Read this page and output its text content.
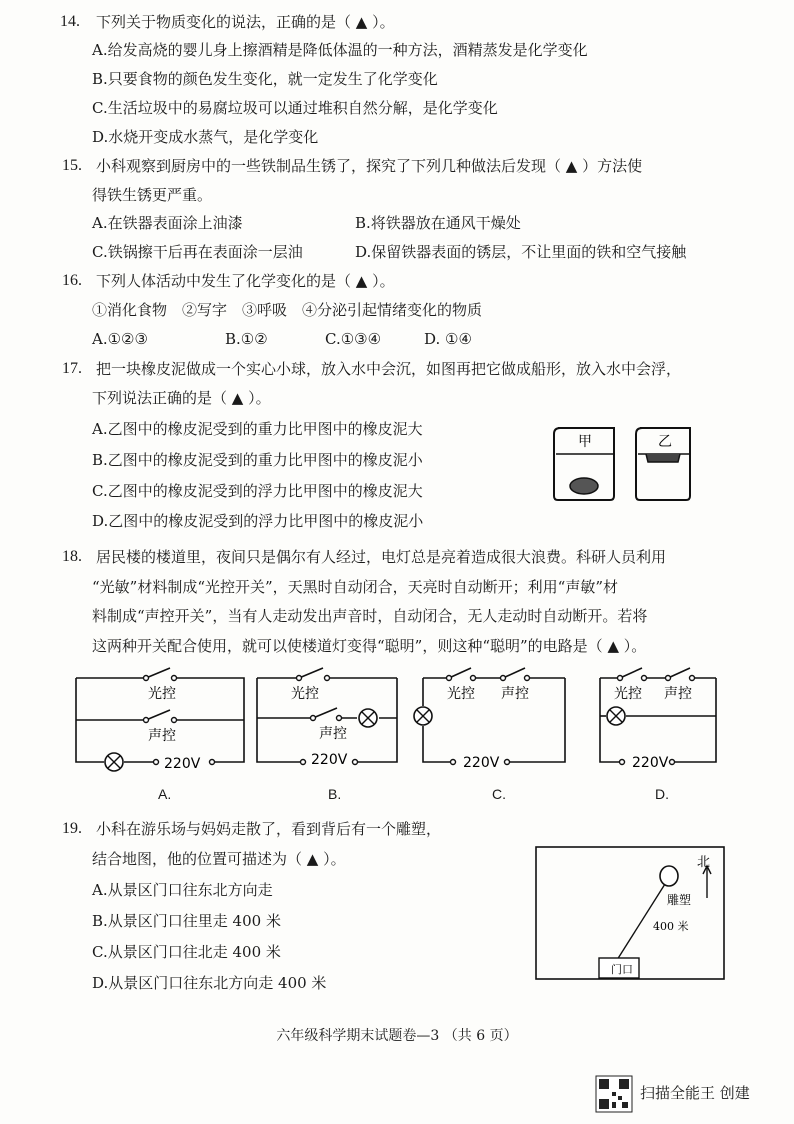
14. 下列关于物质变化的说法，正确的是（ ▲ ）。
A.给发高烧的婴儿身上擦酒精是降低体温的一种方法，酒精蒸发是化学变化
B.只要食物的颜色发生变化，就一定发生了化学变化
C.生活垃圾中的易腐垃圾可以通过堆积自然分解，是化学变化
D.水烧开变成水蒸气，是化学变化
15. 小科观察到厨房中的一些铁制品生锈了，探究了下列几种做法后发现（ ▲ ）方法使
得铁生锈更严重。
A.在铁器表面涂上油漆	B.将铁器放在通风干燥处
C.铁锅擦干后再在表面涂一层油	D.保留铁器表面的锈层，不让里面的铁和空气接触
16. 下列人体活动中发生了化学变化的是（ ▲ ）。
①消化食物　②写字　③呼吸　④分泌引起情绪变化的物质
A.①②③	B.①②	C.①③④	D. ①④
17. 把一块橡皮泥做成一个实心小球，放入水中会沉，如图再把它做成船形，放入水中会浮，
下列说法正确的是（ ▲ ）。
A.乙图中的橡皮泥受到的重力比甲图中的橡皮泥大
B.乙图中的橡皮泥受到的重力比甲图中的橡皮泥小
C.乙图中的橡皮泥受到的浮力比甲图中的橡皮泥大
D.乙图中的橡皮泥受到的浮力比甲图中的橡皮泥小
甲	乙
18. 居民楼的楼道里，夜间只是偶尔有人经过，电灯总是亮着造成很大浪费。科研人员利用
“光敏”材料制成“光控开关”，天黑时自动闭合，天亮时自动断开；利用“声敏”材
料制成“声控开关”，当有人走动发出声音时，自动闭合，无人走动时自动断开。若将
这两种开关配合使用，就可以使楼道灯变得“聪明”，则这种“聪明”的电路是（ ▲ ）。
光控
声控
220V
A.
光控
声控
220V
B.
光控 声控
220V
C.
光控 声控
220V
D.
19. 小科在游乐场与妈妈走散了，看到背后有一个雕塑，
结合地图，他的位置可描述为（ ▲ ）。
A.从景区门口往东北方向走
B.从景区门口往里走 400 米
C.从景区门口往北走 400 米
D.从景区门口往东北方向走 400 米
门口
北
雕塑
400 米
六年级科学期末试题卷—3 （共 6 页）
扫描全能王 创建
